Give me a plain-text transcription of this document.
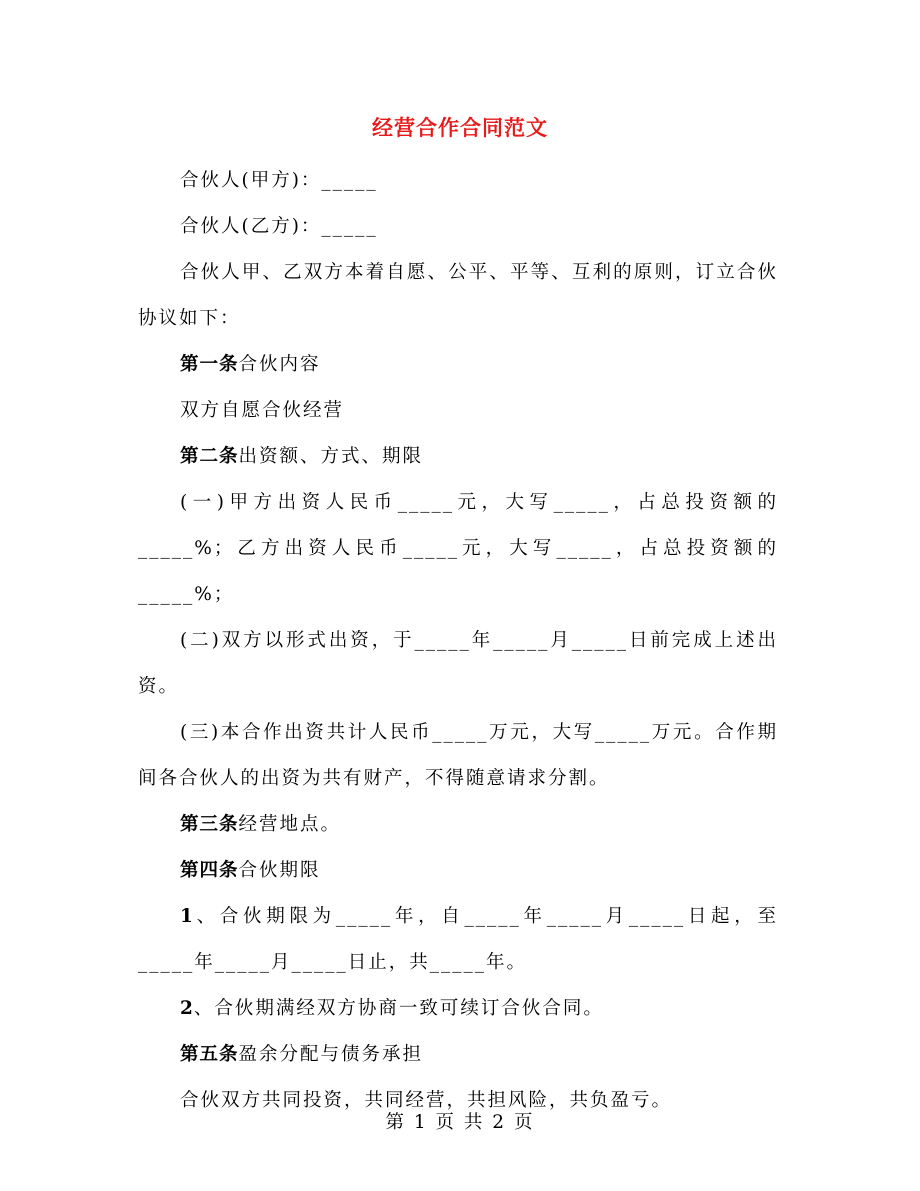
经营合作合同范文

合伙人(甲方)：_____

合伙人(乙方)：_____

合伙人甲、乙双方本着自愿、公平、平等、互利的原则，订立合伙协议如下：

第一条合伙内容

双方自愿合伙经营

第二条出资额、方式、期限

(一)甲方出资人民币_____元，大写_____，占总投资额的_____%；乙方出资人民币_____元，大写_____，占总投资额的_____%；

(二)双方以形式出资，于_____年_____月_____日前完成上述出资。

(三)本合作出资共计人民币_____万元，大写_____万元。合作期间各合伙人的出资为共有财产，不得随意请求分割。

第三条经营地点。

第四条合伙期限

1、合伙期限为_____年，自_____年_____月_____日起，至_____年_____月_____日止，共_____年。

2、合伙期满经双方协商一致可续订合伙合同。

第五条盈余分配与债务承担

合伙双方共同投资，共同经营，共担风险，共负盈亏。

第 1 页 共 2 页
